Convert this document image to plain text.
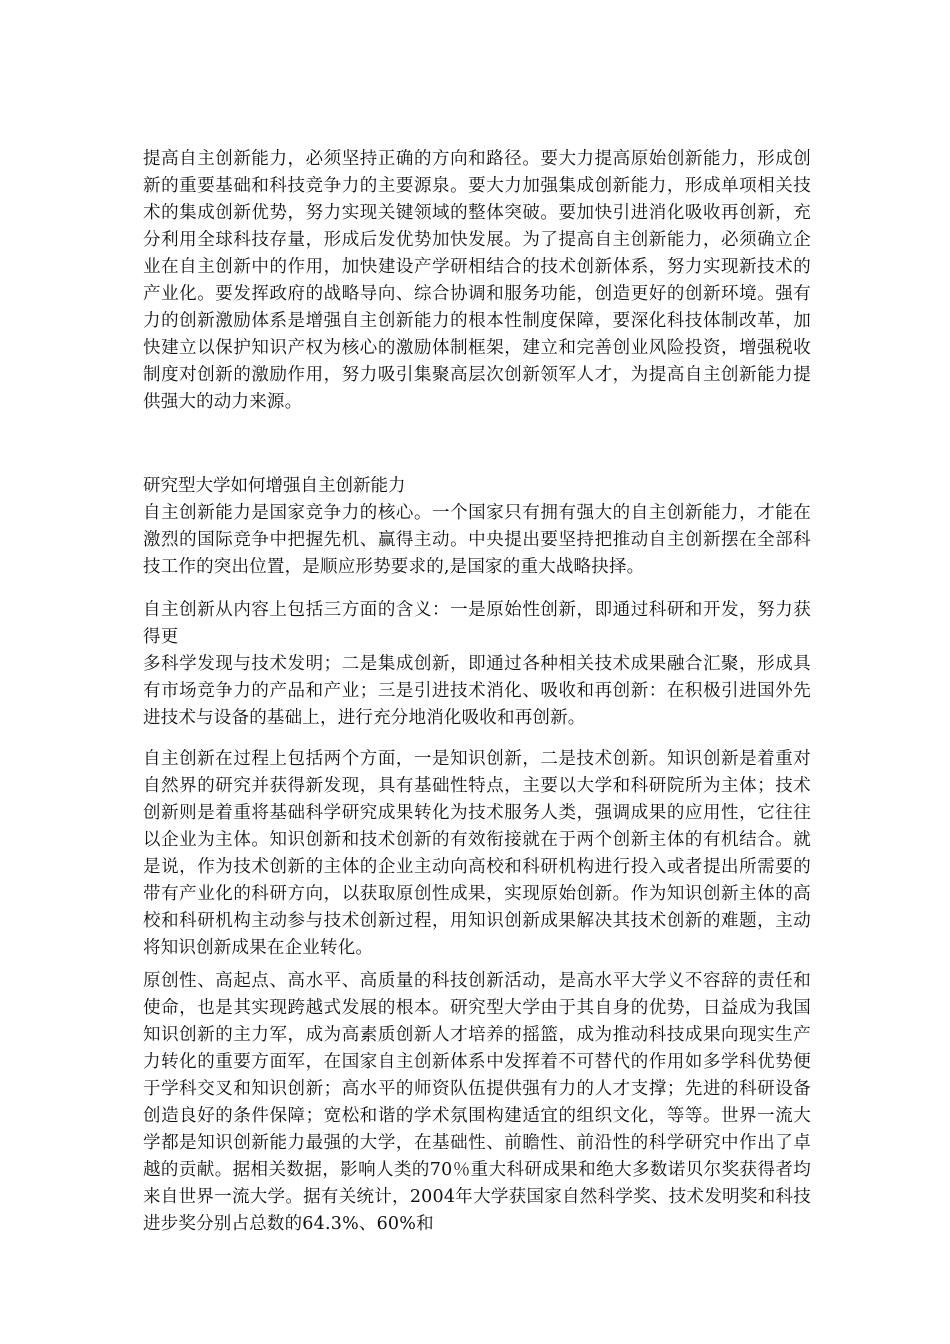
提高自主创新能力，必须坚持正确的方向和路径。要大力提高原始创新能力，形成创新的重要基础和科技竞争力的主要源泉。要大力加强集成创新能力，形成单项相关技术的集成创新优势，努力实现关键领域的整体突破。要加快引进消化吸收再创新，充分利用全球科技存量，形成后发优势加快发展。为了提高自主创新能力，必须确立企业在自主创新中的作用，加快建设产学研相结合的技术创新体系，努力实现新技术的产业化。要发挥政府的战略导向、综合协调和服务功能，创造更好的创新环境。强有力的创新激励体系是增强自主创新能力的根本性制度保障，要深化科技体制改革，加快建立以保护知识产权为核心的激励体制框架，建立和完善创业风险投资，增强税收制度对创新的激励作用，努力吸引集聚高层次创新领军人才，为提高自主创新能力提供强大的动力来源。

研究型大学如何增强自主创新能力

自主创新能力是国家竞争力的核心。一个国家只有拥有强大的自主创新能力，才能在激烈的国际竞争中把握先机、赢得主动。中央提出要坚持把推动自主创新摆在全部科技工作的突出位置，是顺应形势要求的,是国家的重大战略抉择。

自主创新从内容上包括三方面的含义：一是原始性创新，即通过科研和开发，努力获得更

多科学发现与技术发明；二是集成创新，即通过各种相关技术成果融合汇聚，形成具有市场竞争力的产品和产业；三是引进技术消化、吸收和再创新：在积极引进国外先进技术与设备的基础上，进行充分地消化吸收和再创新。

自主创新在过程上包括两个方面，一是知识创新，二是技术创新。知识创新是着重对自然界的研究并获得新发现，具有基础性特点，主要以大学和科研院所为主体；技术创新则是着重将基础科学研究成果转化为技术服务人类，强调成果的应用性，它往往以企业为主体。知识创新和技术创新的有效衔接就在于两个创新主体的有机结合。就是说，作为技术创新的主体的企业主动向高校和科研机构进行投入或者提出所需要的带有产业化的科研方向，以获取原创性成果，实现原始创新。作为知识创新主体的高校和科研机构主动参与技术创新过程，用知识创新成果解决其技术创新的难题，主动将知识创新成果在企业转化。

原创性、高起点、高水平、高质量的科技创新活动，是高水平大学义不容辞的责任和使命，也是其实现跨越式发展的根本。研究型大学由于其自身的优势，日益成为我国知识创新的主力军，成为高素质创新人才培养的摇篮，成为推动科技成果向现实生产力转化的重要方面军，在国家自主创新体系中发挥着不可替代的作用如多学科优势便于学科交叉和知识创新；高水平的师资队伍提供强有力的人才支撑；先进的科研设备创造良好的条件保障；宽松和谐的学术氛围构建适宜的组织文化，等等。世界一流大学都是知识创新能力最强的大学，在基础性、前瞻性、前沿性的科学研究中作出了卓越的贡献。据相关数据，影响人类的70％重大科研成果和绝大多数诺贝尔奖获得者均来自世界一流大学。据有关统计，2004年大学获国家自然科学奖、技术发明奖和科技进步奖分别占总数的64.3%、60%和
